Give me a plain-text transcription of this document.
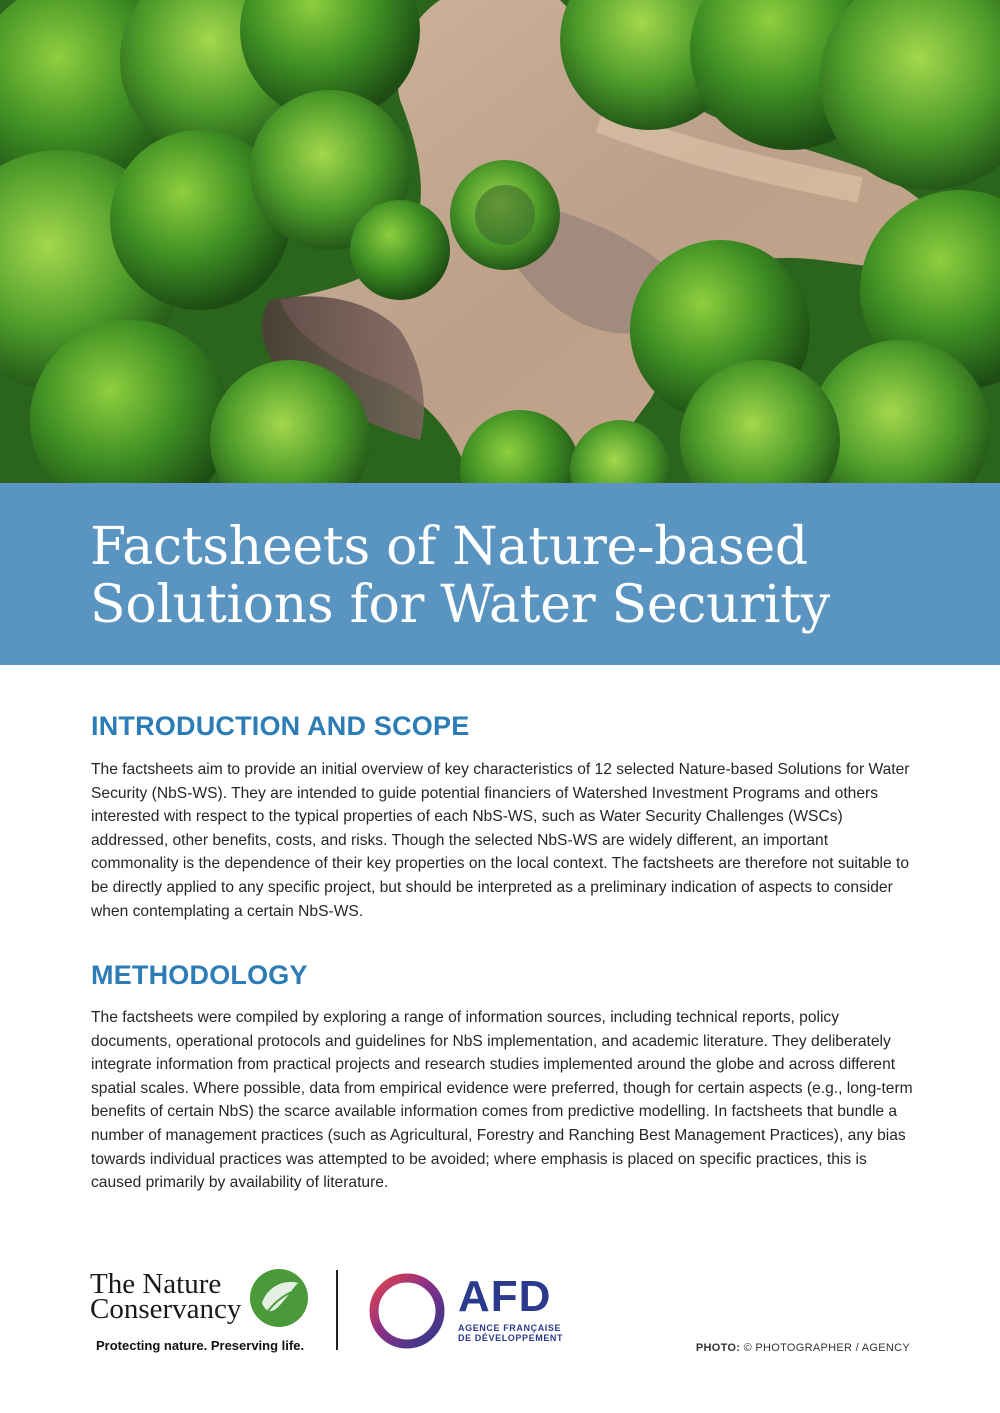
Factsheets of Nature-based
Solutions for Water Security
INTRODUCTION AND SCOPE

The factsheets aim to provide an initial overview of key characteristics of 12 selected Nature-based Solutions for Water Security (NbS-WS). They are intended to guide potential financiers of Watershed Investment Programs and others interested with respect to the typical properties of each NbS-WS, such as Water Security Challenges (WSCs) addressed, other benefits, costs, and risks. Though the selected NbS-WS are widely different, an important commonality is the dependence of their key properties on the local context. The factsheets are therefore not suitable to be directly applied to any specific project, but should be interpreted as a preliminary indication of aspects to consider when contemplating a certain NbS-WS.

METHODOLOGY

The factsheets were compiled by exploring a range of information sources, including technical reports, policy documents, operational protocols and guidelines for NbS implementation, and academic literature. They deliberately integrate information from practical projects and research studies implemented around the globe and across different spatial scales. Where possible, data from empirical evidence were preferred, though for certain aspects (e.g., long-term benefits of certain NbS) the scarce available information comes from predictive modelling. In factsheets that bundle a number of management practices (such as Agricultural, Forestry and Ranching Best Management Practices), any bias towards individual practices was attempted to be avoided; where emphasis is placed on specific practices, this is caused primarily by availability of literature.

The Nature
Conservancy
Protecting nature. Preserving life.
AFD
AGENCE FRANÇAISE
DE DÉVELOPPEMENT
PHOTO: © PHOTOGRAPHER / AGENCY
